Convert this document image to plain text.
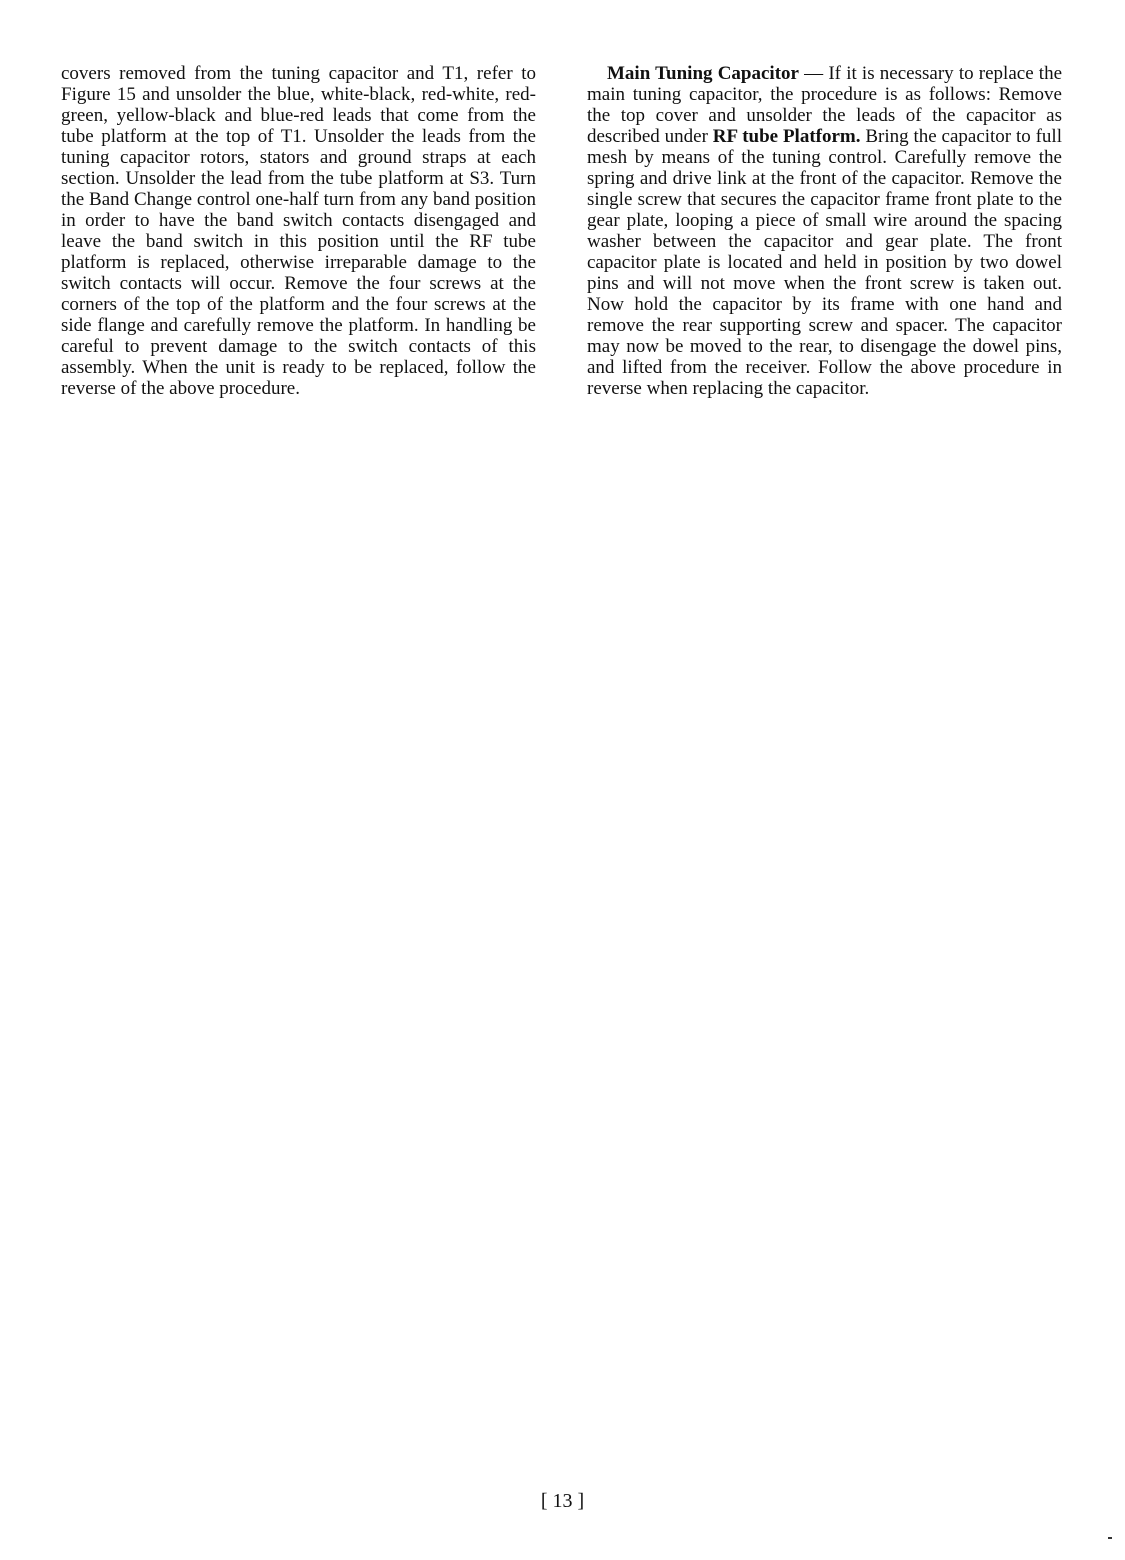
covers removed from the tuning capacitor and T1, refer to Figure 15 and unsolder the blue, white-black, red-white, red-green, yellow-black and blue-red leads that come from the tube platform at the top of T1. Unsolder the leads from the tuning capacitor rotors, stators and ground straps at each section. Unsolder the lead from the tube platform at S3. Turn the Band Change control one-half turn from any band position in order to have the band switch contacts disengaged and leave the band switch in this position until the RF tube platform is replaced, otherwise irreparable damage to the switch contacts will occur. Remove the four screws at the corners of the top of the platform and the four screws at the side flange and carefully remove the platform. In handling be careful to prevent damage to the switch contacts of this assembly. When the unit is ready to be replaced, follow the reverse of the above procedure.

Main Tuning Capacitor — If it is necessary to replace the main tuning capacitor, the procedure is as follows: Remove the top cover and unsolder the leads of the capacitor as described under RF tube Platform. Bring the capacitor to full mesh by means of the tuning control. Carefully remove the spring and drive link at the front of the capacitor. Remove the single screw that secures the capacitor frame front plate to the gear plate, looping a piece of small wire around the spacing washer between the capacitor and gear plate. The front capacitor plate is located and held in position by two dowel pins and will not move when the front screw is taken out. Now hold the capacitor by its frame with one hand and remove the rear supporting screw and spacer. The capacitor may now be moved to the rear, to disengage the dowel pins, and lifted from the receiver. Follow the above procedure in reverse when replacing the capacitor.

[ 13 ]
